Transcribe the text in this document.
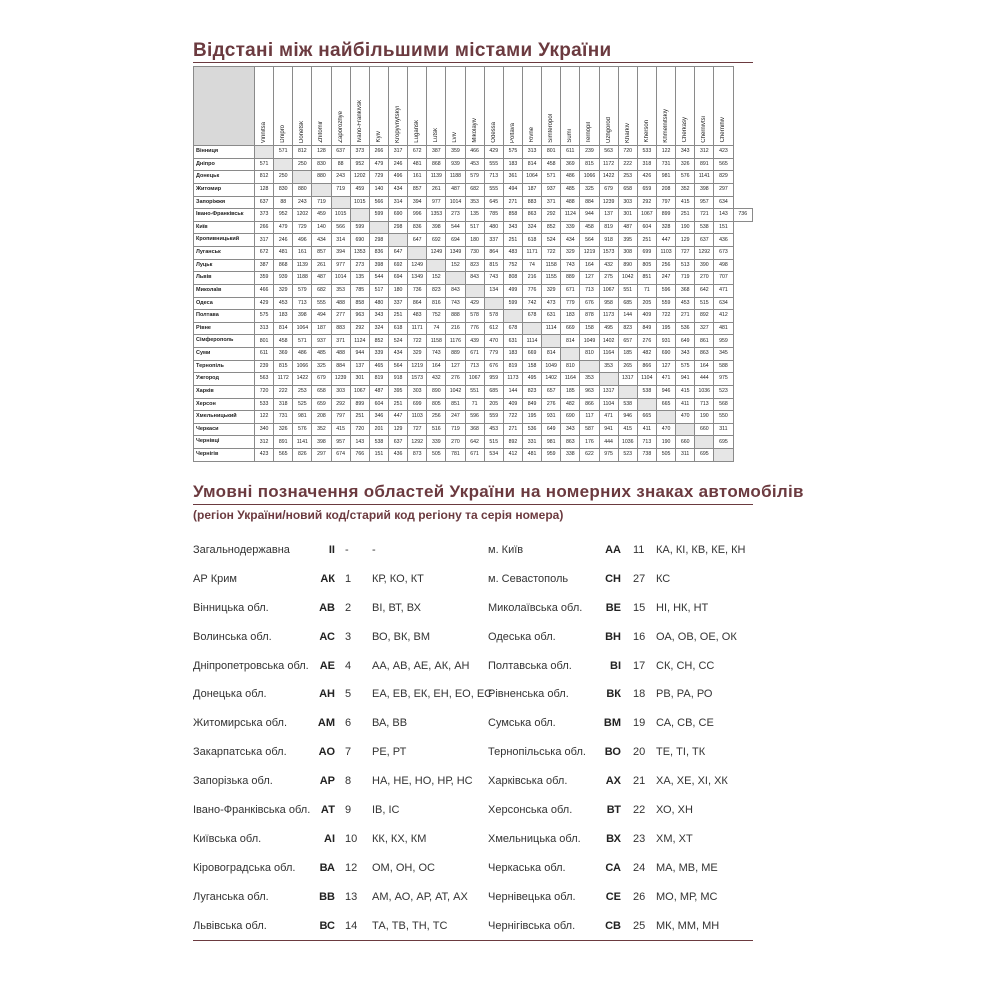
Відстані між найбільшими містами України
	Vinnitsa	Dnipro	Donetsk	Zhitomir	Zaporozhye	Ivano-Frankivsk	Kyiv	Kropyvnytskyi	Lugansk	Lutsk	Lviv	Mikolayiv	Odessa	Poltava	Rivne	Simferopol	Sumi	Ternopil	Uzhgorod	Kharkiv	Kherson	Khmelnitskiy	Cherkasy	Chernivtsi	Chernihiv	
Вінниця		571	812	128	637	373	266	317	672	387	359	466	429	575	313	801	611	239	563	720	533	122	343	312	423	
Дніпро	571		250	830	88	952	479	246	481	868	939	453	555	183	814	458	369	815	1172	222	318	731	326	891	565	
Донецьк	812	250		880	243	1202	729	496	161	1139	1188	579	713	361	1064	571	486	1066	1422	253	426	981	576	1141	829	
Житомир	128	830	880		719	459	140	434	857	261	487	682	555	494	187	937	485	325	679	658	659	208	352	398	297	
Запоріжжя	637	88	243	719		1015	566	314	394	977	1014	353	645	271	883	371	488	884	1239	303	292	797	415	957	634	
Івано-Франківськ	373	952	1202	459	1015		599	690	996	1353	273	135	785	858	863	292	1124	944	137	301	1067	899	251	721	143	736
Київ	266	479	729	140	566	599		298	836	398	544	517	480	343	324	852	339	458	819	487	604	328	190	538	151	
Кропивницький	317	246	496	434	314	690	298		647	692	694	180	337	251	618	524	434	564	918	395	251	447	129	637	436	
Луганськ	672	481	161	857	394	1353	836	647		1249	1349	730	864	483	1171	722	329	1219	1573	308	699	1103	727	1292	673	
Луцьк	387	868	1139	261	977	273	398	692	1249		152	823	815	752	74	1158	743	164	432	890	805	256	513	390	498	
Львів	359	939	1188	487	1014	135	544	694	1349	152		843	743	808	216	1155	889	127	275	1042	851	247	719	270	707	
Миколаїв	466	329	579	682	353	785	517	180	736	823	843		134	499	776	329	671	713	1067	551	71	596	368	642	471	
Одеса	429	453	713	555	488	858	480	337	864	816	743	429		599	742	473	779	676	958	685	205	559	453	515	634	
Полтава	575	183	398	494	277	963	343	251	483	752	888	578	578		678	631	183	878	1173	144	409	722	271	892	412	
Рівне	313	814	1064	187	883	292	324	618	1171	74	216	776	612	678		1114	669	158	495	823	849	195	536	327	481	
Сімферополь	801	458	571	937	371	1124	852	524	722	1158	1176	439	470	631	1114		814	1049	1402	657	276	931	649	861	959	
Суми	611	369	486	485	488	944	339	434	329	743	889	671	779	183	669	814		810	1164	185	482	690	343	863	345	
Тернопіль	239	815	1066	325	884	137	465	564	1219	164	127	713	676	819	158	1049	810		353	265	866	127	575	164	588	
Ужгород	563	1172	1422	679	1239	301	819	918	1573	432	276	1067	959	1173	495	1402	1164	353		1317	1104	471	941	444	975	
Харків	720	222	253	658	303	1067	487	395	303	890	1042	551	685	144	823	657	185	963	1317		538	946	415	1036	523	
Херсон	533	318	525	659	292	899	604	251	699	805	851	71	205	409	849	276	482	866	1104	538		665	411	713	568	
Хмельницький	122	731	981	208	797	251	346	447	1103	256	247	596	559	722	195	931	690	117	471	946	665		470	190	550	
Черкаси	340	326	576	352	415	720	201	129	727	516	719	368	453	271	536	649	343	587	941	415	411	470		660	311	
Чернівці	312	891	1141	398	957	143	538	637	1292	339	270	642	515	892	331	981	863	176	444	1036	713	190	660		695	
Чернігів	423	565	826	297	674	766	151	436	873	505	781	671	534	412	481	959	338	622	975	523	738	505	311	695		
Умовні позначення областей України на номерних знаках автомобілів
(регіон України/новий код/старий код регіону та серія номера)
Загальнодержавна	II - -
АР Крим	АК 1 КР, КО, КТ
Вінницька обл.	АВ 2 ВІ, ВТ, ВХ
Волинська обл.	АС 3 ВО, ВК, ВМ
Дніпропетровська обл. АЕ 4 АА, АВ, АЕ, АК, АН
Донецька обл.	АН 5 ЕА, ЕВ, ЕК, ЕН, ЕО, ЕС
Житомирська обл.	АМ 6 ВА, ВВ
Закарпатська обл.	АО 7 РЕ, РТ
Запорізька обл.	АР 8 НА, НЕ, НО, НР, НС
Івано-Франківська обл. АТ 9 ІВ, ІС
Київська обл.	АІ 10 КК, КХ, КМ
Кіровоградська обл.	ВА 12 ОМ, ОН, ОС
Луганська обл.	ВВ 13 АМ, АО, АР, АТ, АХ
Львівська обл.	ВС 14 ТА, ТВ, ТН, ТС
м. Київ	АА 11 КА, КІ, КВ, КЕ, КН
м. Севастополь	СН 27 КС
Миколаївська обл.	ВЕ 15 НІ, НК, НТ
Одеська обл.	ВН 16 ОА, ОВ, ОЕ, ОК
Полтавська обл.	ВІ 17 СК, СН, СС
Рівненська обл.	ВК 18 РВ, РА, РО
Сумська обл.	ВМ 19 СА, СВ, СЕ
Тернопільська обл.	ВО 20 ТЕ, ТІ, ТК
Харківська обл.	АХ 21 ХА, ХЕ, ХІ, ХК
Херсонська обл.	ВТ 22 ХО, ХН
Хмельницька обл.	ВХ 23 ХМ, ХТ
Черкаська обл.	СА 24 МА, МВ, МЕ
Чернівецька обл.	СЕ 26 МО, МР, МС
Чернігівська обл.	СВ 25 МК, ММ, МН
